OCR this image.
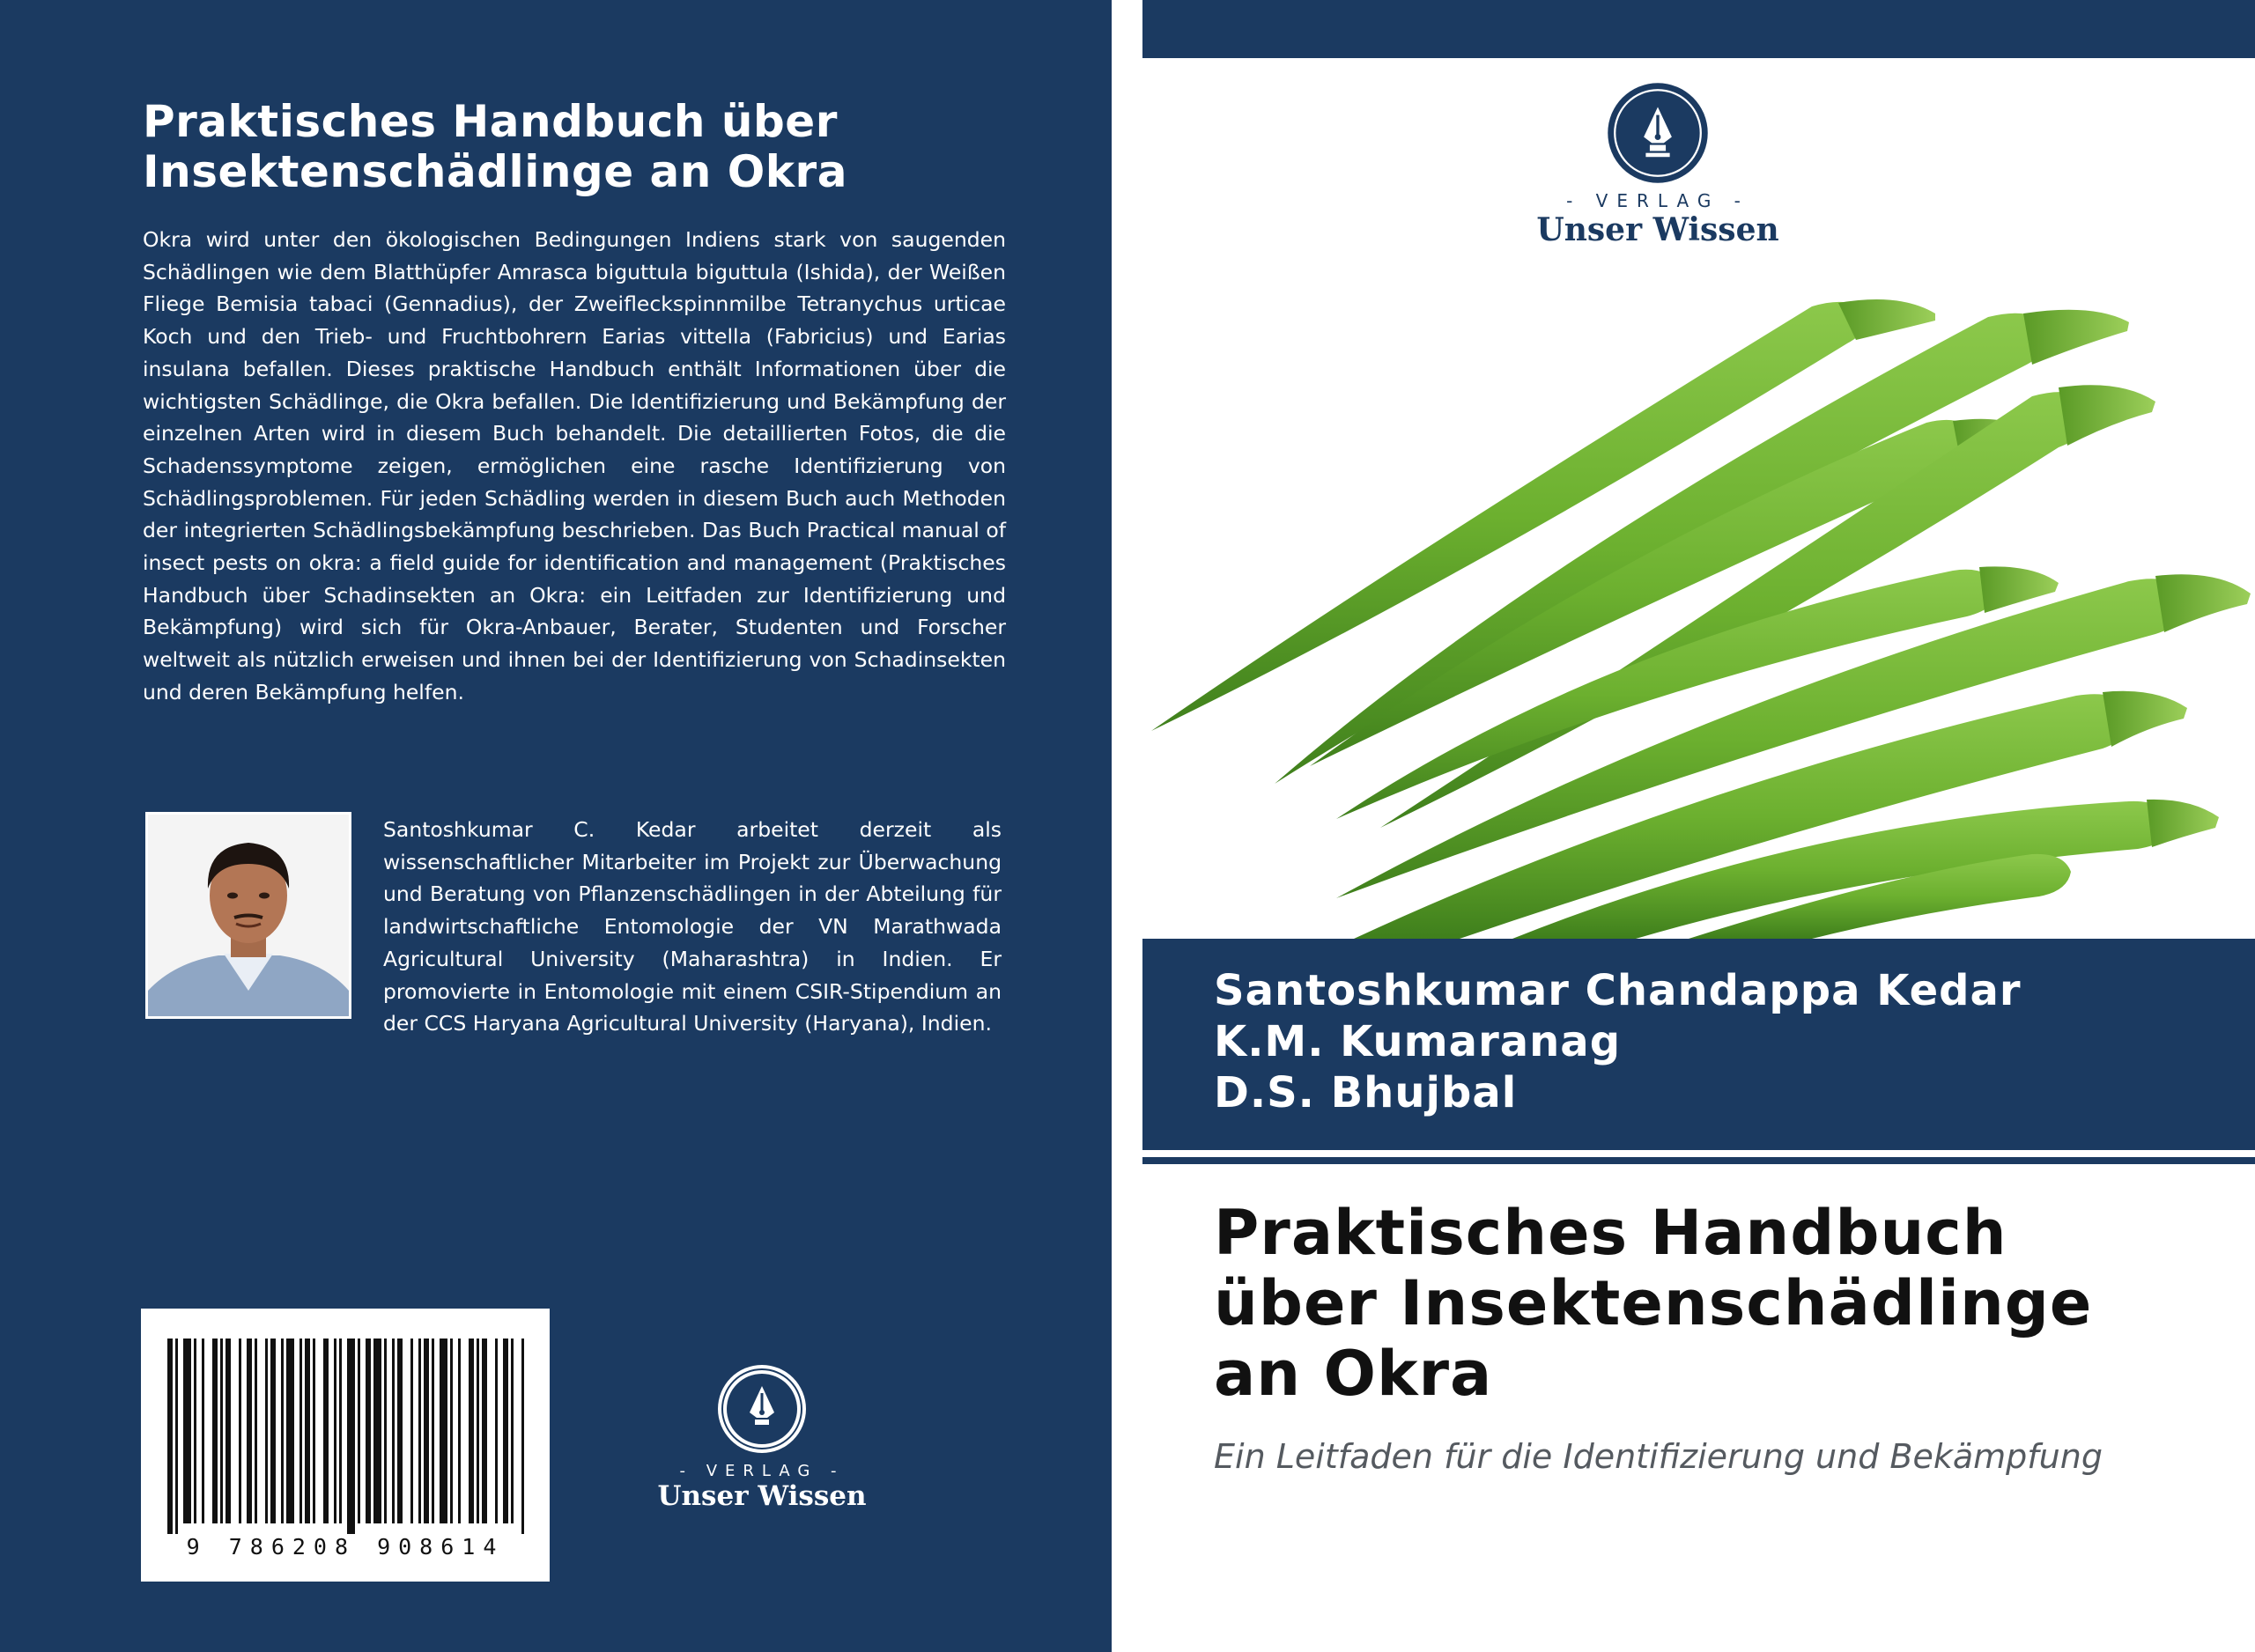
Praktisches Handbuch über
Insektenschädlinge an Okra

Okra wird unter den ökologischen Bedingungen Indiens stark von saugenden Schädlingen wie dem Blatthüpfer Amrasca biguttula biguttula (Ishida), der Weißen Fliege Bemisia tabaci (Gennadius), der Zweifleckspinnmilbe Tetranychus urticae Koch und den Trieb- und Fruchtbohrern Earias vittella (Fabricius) und Earias insulana befallen. Dieses praktische Handbuch enthält Informationen über die wichtigsten Schädlinge, die Okra befallen. Die Identifizierung und Bekämpfung der einzelnen Arten wird in diesem Buch behandelt. Die detaillierten Fotos, die die Schadenssymptome zeigen, ermöglichen eine rasche Identifizierung von Schädlingsproblemen. Für jeden Schädling werden in diesem Buch auch Methoden der integrierten Schädlingsbekämpfung beschrieben. Das Buch Practical manual of insect pests on okra: a field guide for identification and management (Praktisches Handbuch über Schadinsekten an Okra: ein Leitfaden zur Identifizierung und Bekämpfung) wird sich für Okra-Anbauer, Berater, Studenten und Forscher weltweit als nützlich erweisen und ihnen bei der Identifizierung von Schadinsekten und deren Bekämpfung helfen.

Santoshkumar C. Kedar arbeitet derzeit als wissenschaftlicher Mitarbeiter im Projekt zur Überwachung und Beratung von Pflanzenschädlingen in der Abteilung für landwirtschaftliche Entomologie der VN Marathwada Agricultural University (Maharashtra) in Indien. Er promovierte in Entomologie mit einem CSIR-Stipendium an der CCS Haryana Agricultural University (Haryana), Indien.

9 786208 908614
- VERLAG -
Unser Wissen
- VERLAG -
Unser Wissen
Santoshkumar Chandappa Kedar
K.M. Kumaranag
D.S. Bhujbal
Praktisches Handbuch
über Insektenschädlinge
an Okra
Ein Leitfaden für die Identifizierung und Bekämpfung
